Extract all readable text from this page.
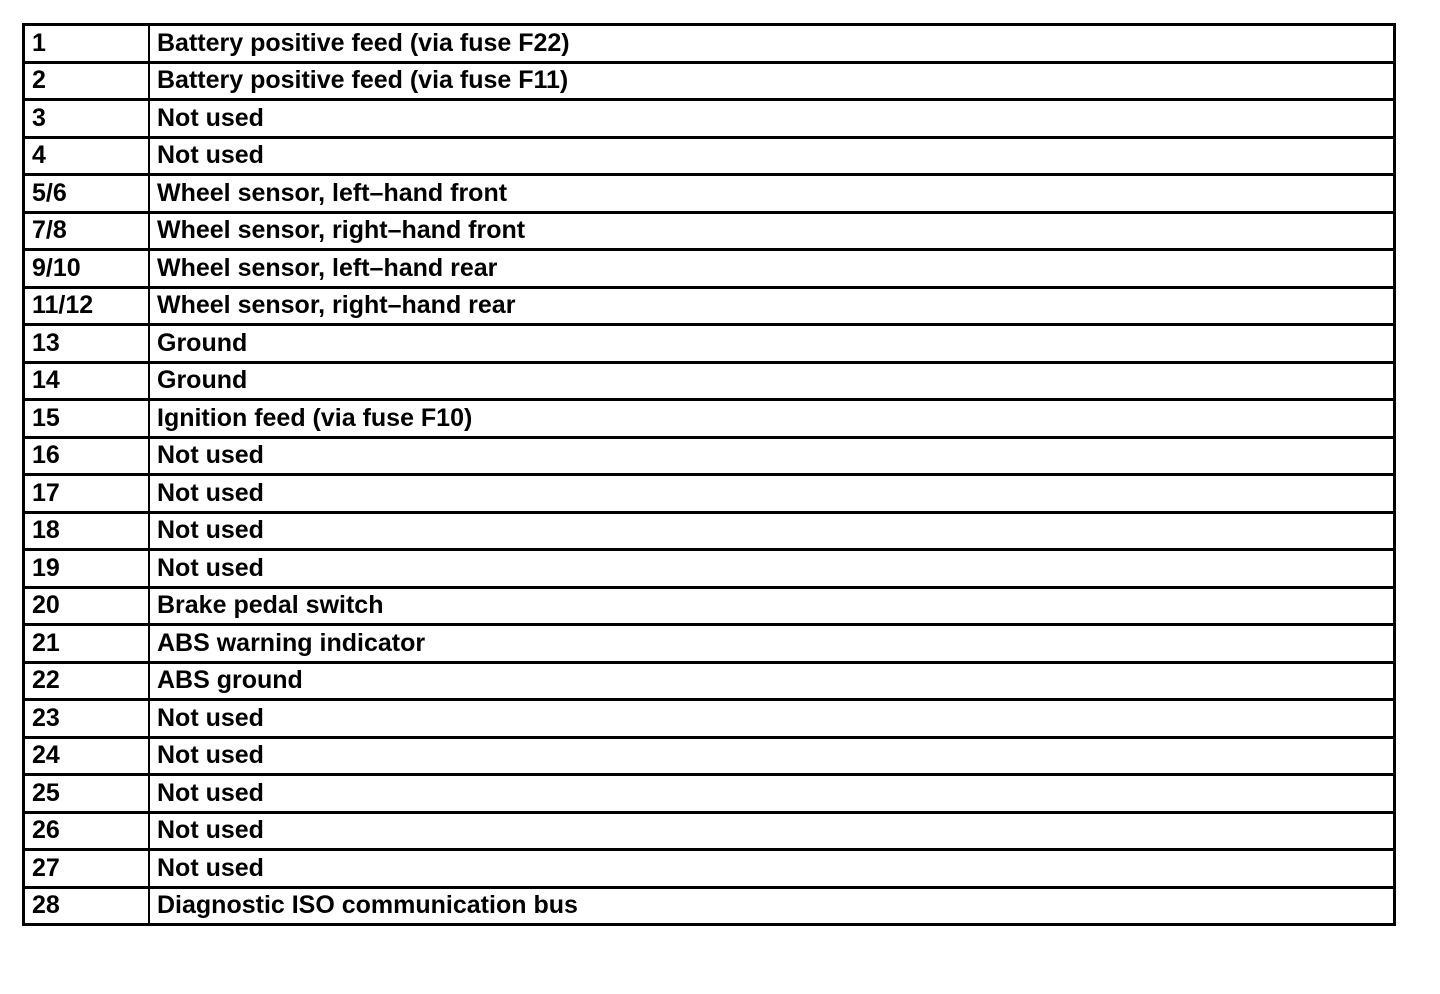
1	Battery positive feed (via fuse F22)
2	Battery positive feed (via fuse F11)
3	Not used
4	Not used
5/6	Wheel sensor, left–hand front
7/8	Wheel sensor, right–hand front
9/10	Wheel sensor, left–hand rear
11/12	Wheel sensor, right–hand rear
13	Ground
14	Ground
15	Ignition feed (via fuse F10)
16	Not used
17	Not used
18	Not used
19	Not used
20	Brake pedal switch
21	ABS warning indicator
22	ABS ground
23	Not used
24	Not used
25	Not used
26	Not used
27	Not used
28	Diagnostic ISO communication bus
